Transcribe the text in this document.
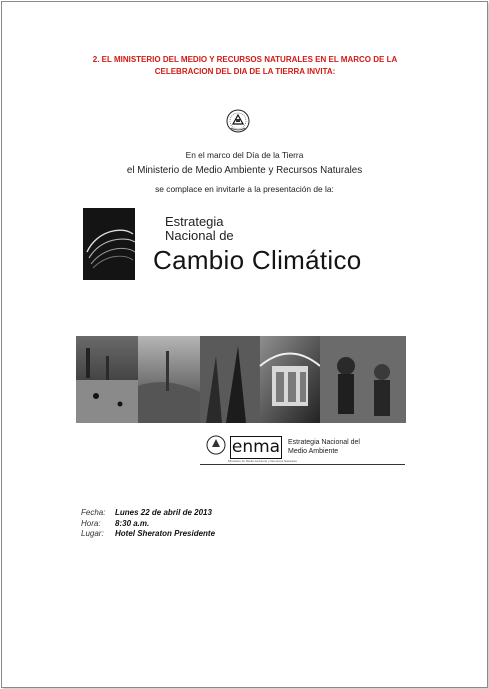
2. EL MINISTERIO DEL MEDIO Y RECURSOS NATURALES EN EL MARCO DE LA
CELEBRACION DEL DIA DE LA TIERRA INVITA:
En el marco del Día de la Tierra
el Ministerio de Medio Ambiente y Recursos Naturales
se complace en invitarle a la presentación de la:
Estrategia
Nacional de
Cambio Climático
enma Estrategia Nacional del
Medio Ambiente
Ministerio de Medio Ambiente y Recursos Naturales
Fecha: Lunes 22 de abril de 2013
Hora: 8:30 a.m.
Lugar: Hotel Sheraton Presidente
